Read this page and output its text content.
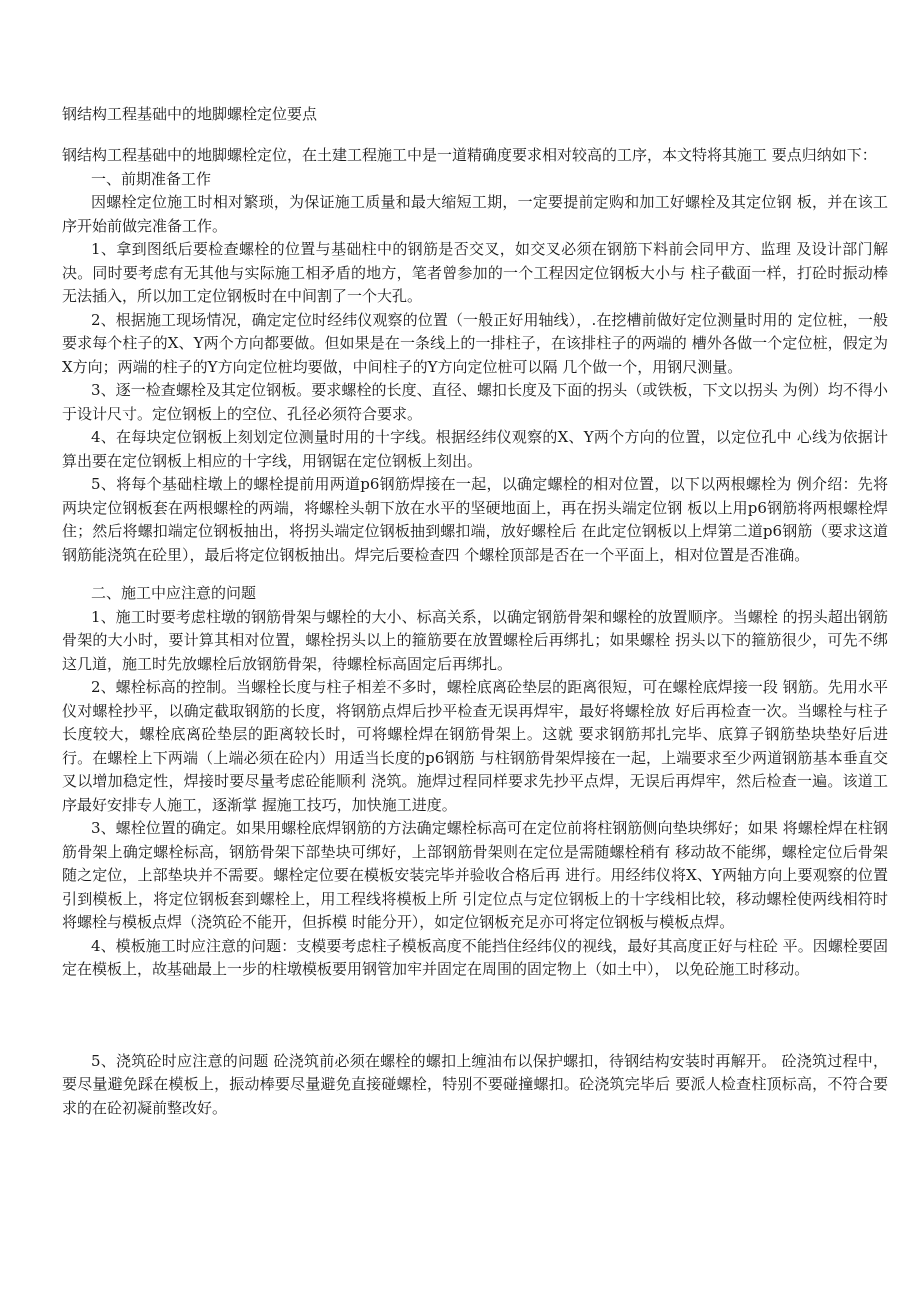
钢结构工程基础中的地脚螺栓定位要点

钢结构工程基础中的地脚螺栓定位，在土建工程施工中是一道精确度要求相对较高的工序，本文特将其施工 要点归纳如下：

一、前期准备工作

因螺栓定位施工时相对繁琐，为保证施工质量和最大缩短工期，一定要提前定购和加工好螺栓及其定位钢 板，并在该工序开始前做完准备工作。

1、拿到图纸后要检查螺栓的位置与基础柱中的钢筋是否交叉，如交叉必须在钢筋下料前会同甲方、监理 及设计部门解决。同时要考虑有无其他与实际施工相矛盾的地方，笔者曾参加的一个工程因定位钢板大小与 柱子截面一样，打砼时振动棒无法插入，所以加工定位钢板时在中间割了一个大孔。

2、根据施工现场情况，确定定位时经纬仪观察的位置（一般正好用轴线），.在挖槽前做好定位测量时用的 定位桩，一般要求每个柱子的X、Y两个方向都要做。但如果是在一条线上的一排柱子，在该排柱子的两端的 槽外各做一个定位桩，假定为X方向；两端的柱子的Y方向定位桩均要做，中间柱子的Y方向定位桩可以隔 几个做一个，用钢尺测量。

3、逐一检查螺栓及其定位钢板。要求螺栓的长度、直径、螺扣长度及下面的拐头（或铁板，下文以拐头 为例）均不得小于设计尺寸。定位钢板上的空位、孔径必须符合要求。

4、在每块定位钢板上刻划定位测量时用的十字线。根据经纬仪观察的X、Y两个方向的位置，以定位孔中 心线为依据计算出要在定位钢板上相应的十字线，用钢锯在定位钢板上刻出。

5、将每个基础柱墩上的螺栓提前用两道p6钢筋焊接在一起，以确定螺栓的相对位置，以下以两根螺栓为 例介绍：先将两块定位钢板套在两根螺栓的两端，将螺栓头朝下放在水平的坚硬地面上，再在拐头端定位钢 板以上用p6钢筋将两根螺栓焊住；然后将螺扣端定位钢板抽出，将拐头端定位钢板抽到螺扣端，放好螺栓后 在此定位钢板以上焊第二道p6钢筋（要求这道钢筋能浇筑在砼里），最后将定位钢板抽出。焊完后要检查四 个螺栓顶部是否在一个平面上，相对位置是否准确。

二、施工中应注意的问题

1、施工时要考虑柱墩的钢筋骨架与螺栓的大小、标高关系，以确定钢筋骨架和螺栓的放置顺序。当螺栓 的拐头超出钢筋骨架的大小时，要计算其相对位置，螺栓拐头以上的箍筋要在放置螺栓后再绑扎；如果螺栓 拐头以下的箍筋很少，可先不绑这几道，施工时先放螺栓后放钢筋骨架，待螺栓标高固定后再绑扎。

2、螺栓标高的控制。当螺栓长度与柱子相差不多时，螺栓底离砼垫层的距离很短，可在螺栓底焊接一段 钢筋。先用水平仪对螺栓抄平，以确定截取钢筋的长度，将钢筋点焊后抄平检查无误再焊牢，最好将螺栓放 好后再检查一次。当螺栓与柱子长度较大，螺栓底离砼垫层的距离较长时，可将螺栓焊在钢筋骨架上。这就 要求钢筋邦扎完毕、底算子钢筋垫块垫好后进行。在螺栓上下两端（上端必须在砼内）用适当长度的p6钢筋 与柱钢筋骨架焊接在一起，上端要求至少两道钢筋基本垂直交叉以增加稳定性，焊接时要尽量考虑砼能顺利 浇筑。施焊过程同样要求先抄平点焊，无误后再焊牢，然后检查一遍。该道工序最好安排专人施工，逐渐掌 握施工技巧，加快施工进度。

3、螺栓位置的确定。如果用螺栓底焊钢筋的方法确定螺栓标高可在定位前将柱钢筋侧向垫块绑好；如果 将螺栓焊在柱钢筋骨架上确定螺栓标高，钢筋骨架下部垫块可绑好，上部钢筋骨架则在定位是需随螺栓稍有 移动故不能绑，螺栓定位后骨架随之定位，上部垫块并不需要。螺栓定位要在模板安装完毕并验收合格后再 进行。用经纬仪将X、Y两轴方向上要观察的位置引到模板上，将定位钢板套到螺栓上，用工程线将模板上所 引定位点与定位钢板上的十字线相比较，移动螺栓使两线相符时将螺栓与模板点焊（浇筑砼不能开，但拆模 时能分开），如定位钢板充足亦可将定位钢板与模板点焊。

4、模板施工时应注意的问题：支模要考虑柱子模板高度不能挡住经纬仪的视线，最好其高度正好与柱砼 平。因螺栓要固定在模板上，故基础最上一步的柱墩模板要用钢管加牢并固定在周围的固定物上（如土中）， 以免砼施工时移动。

5、浇筑砼时应注意的问题 砼浇筑前必须在螺栓的螺扣上缠油布以保护螺扣，待钢结构安装时再解开。 砼浇筑过程中，要尽量避免踩在模板上，振动棒要尽量避免直接碰螺栓，特别不要碰撞螺扣。砼浇筑完毕后 要派人检查柱顶标高，不符合要求的在砼初凝前整改好。
